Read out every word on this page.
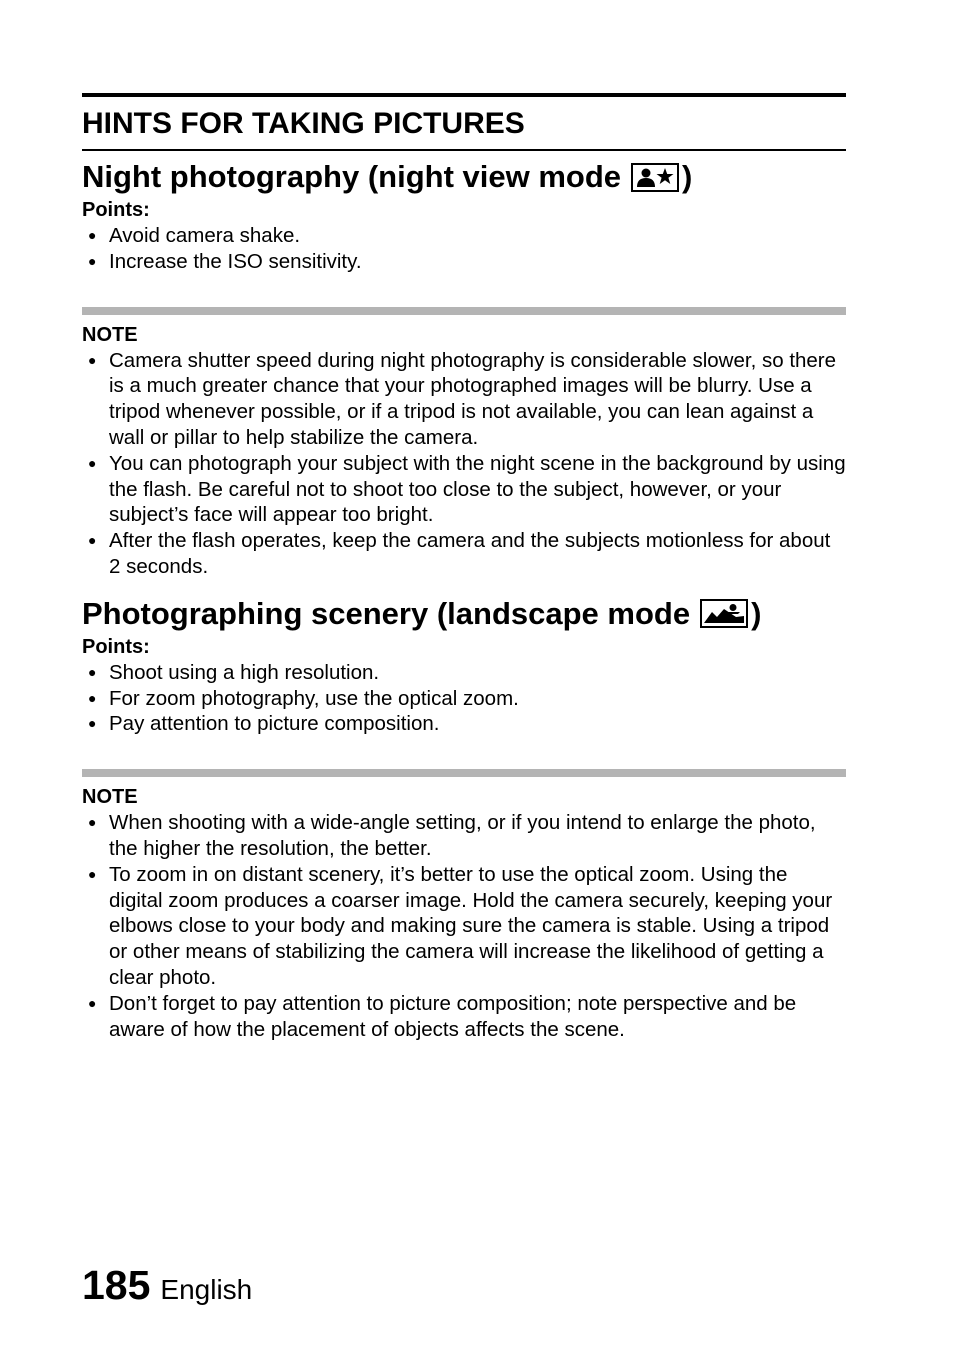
HINTS FOR TAKING PICTURES
Night photography (night view mode )
Points:
● Avoid camera shake.
● Increase the ISO sensitivity.
NOTE
● Camera shutter speed during night photography is considerable slower, so there is a much greater chance that your photographed images will be blurry. Use a tripod whenever possible, or if a tripod is not available, you can lean against a wall or pillar to help stabilize the camera.
● You can photograph your subject with the night scene in the background by using the flash. Be careful not to shoot too close to the subject, however, or your subject’s face will appear too bright.
● After the flash operates, keep the camera and the subjects motionless for about 2 seconds.
Photographing scenery (landscape mode )
Points:
● Shoot using a high resolution.
● For zoom photography, use the optical zoom.
● Pay attention to picture composition.
NOTE
● When shooting with a wide-angle setting, or if you intend to enlarge the photo, the higher the resolution, the better.
● To zoom in on distant scenery, it’s better to use the optical zoom. Using the digital zoom produces a coarser image. Hold the camera securely, keeping your elbows close to your body and making sure the camera is stable. Using a tripod or other means of stabilizing the camera will increase the likelihood of getting a clear photo.
● Don’t forget to pay attention to picture composition; note perspective and be aware of how the placement of objects affects the scene.
185 English
